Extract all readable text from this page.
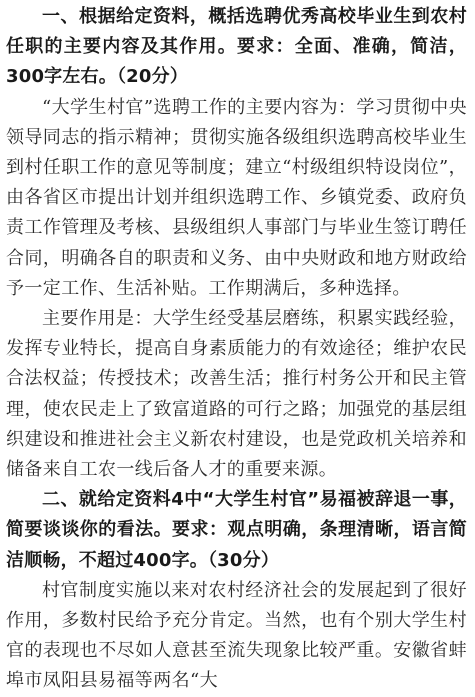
一、根据给定资料，概括选聘优秀高校毕业生到农村任职的主要内容及其作用。要求：全面、准确，简洁，300字左右。（20分）

“大学生村官”选聘工作的主要内容为：学习贯彻中央领导同志的指示精神；贯彻实施各级组织选聘高校毕业生到村任职工作的意见等制度；建立“村级组织特设岗位”，由各省区市提出计划并组织选聘工作、乡镇党委、政府负责工作管理及考核、县级组织人事部门与毕业生签订聘任合同，明确各自的职责和义务、由中央财政和地方财政给予一定工作、生活补贴。工作期满后，多种选择。

主要作用是：大学生经受基层磨练，积累实践经验，发挥专业特长，提高自身素质能力的有效途径；维护农民合法权益；传授技术；改善生活；推行村务公开和民主管理，使农民走上了致富道路的可行之路；加强党的基层组织建设和推进社会主义新农村建设，也是党政机关培养和储备来自工农一线后备人才的重要来源。

二、就给定资料4中“大学生村官”易福被辞退一事，简要谈谈你的看法。要求：观点明确，条理清晰，语言简洁顺畅，不超过400字。（30分）

村官制度实施以来对农村经济社会的发展起到了很好作用，多数村民给予充分肯定。当然，也有个别大学生村官的表现也不尽如人意甚至流失现象比较严重。安徽省蚌埠市凤阳县易福等两名“大
